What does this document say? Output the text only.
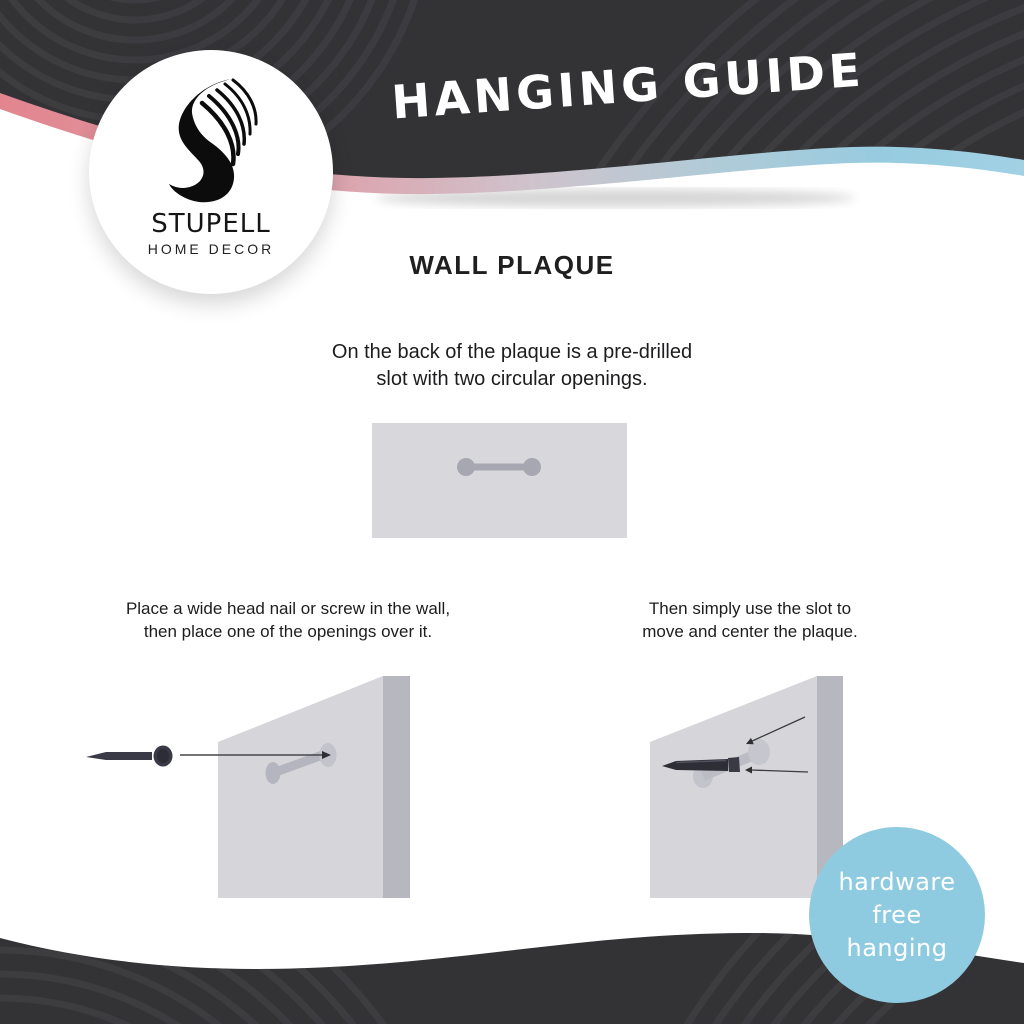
HANGING GUIDE
STUPELL
HOME DECOR
WALL PLAQUE
On the back of the plaque is a pre-drilled
slot with two circular openings.
Place a wide head nail or screw in the wall,
then place one of the openings over it.
Then simply use the slot to
move and center the plaque.
hardware
free
hanging
